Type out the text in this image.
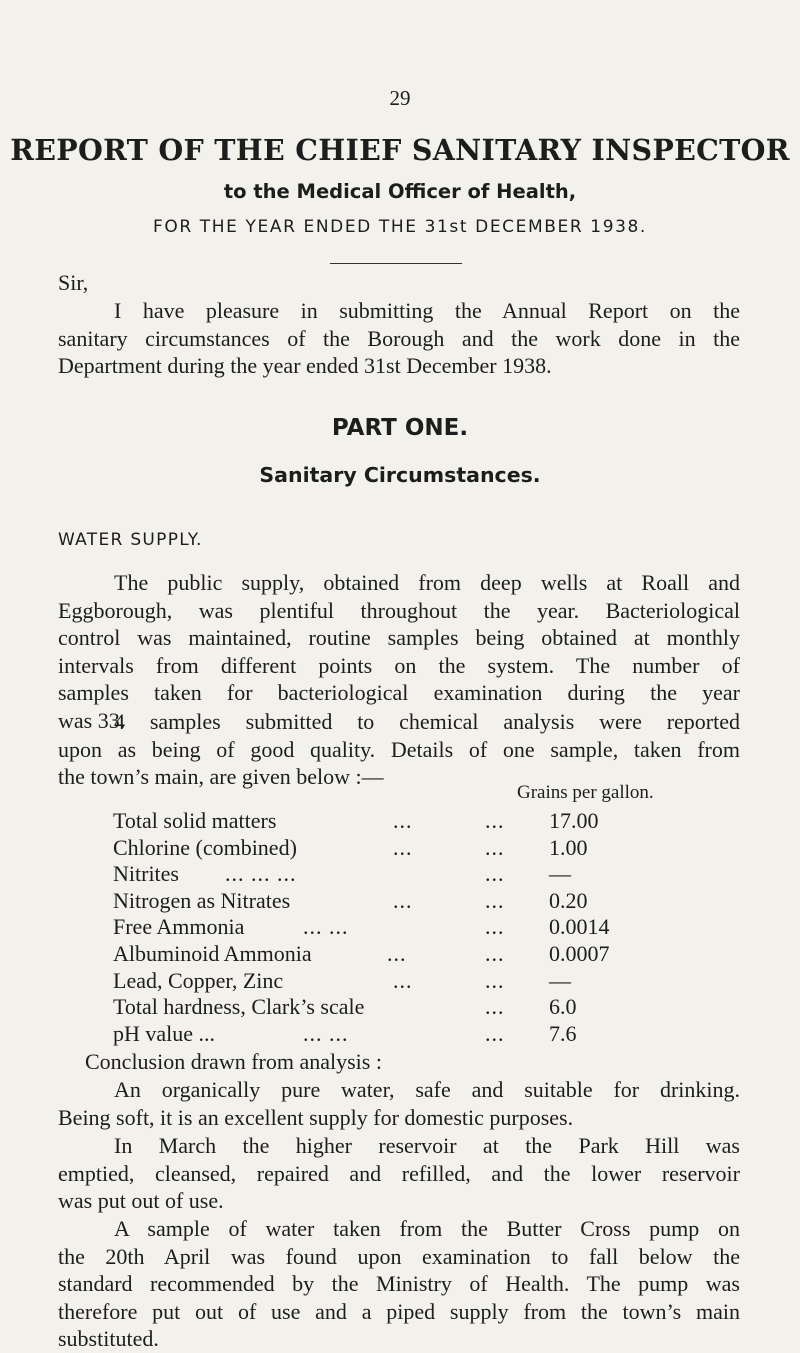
29
REPORT OF THE CHIEF SANITARY INSPECTOR
to the Medical Officer of Health,
FOR THE YEAR ENDED THE 31st DECEMBER 1938.
Sir,
I have pleasure in submitting the Annual Report on the
sanitary circumstances of the Borough and the work done in the
Department during the year ended 31st December 1938.
PART ONE.
Sanitary Circumstances.
WATER SUPPLY.
The public supply, obtained from deep wells at Roall and
Eggborough, was plentiful throughout the year. Bacteriological
control was maintained, routine samples being obtained at monthly
intervals from different points on the system. The number of
samples taken for bacteriological examination during the year
was 33.
4 samples submitted to chemical analysis were reported
upon as being of good quality. Details of one sample, taken from
the town’s main, are given below :—
Grains per gallon.
Total solid matters	...	... 17.00
Chlorine (combined)	...	... 1.00
Nitrites ... ... ...	... —
Nitrogen as Nitrates	...	... 0.20
Free Ammonia	... ...	... 0.0014
Albuminoid Ammonia	...	... 0.0007
Lead, Copper, Zinc	...	... —
Total hardness, Clark’s scale	... 6.0
pH value ...	... ...	... 7.6
Conclusion drawn from analysis :
An organically pure water, safe and suitable for drinking.
Being soft, it is an excellent supply for domestic purposes.
In March the higher reservoir at the Park Hill was
emptied, cleansed, repaired and refilled, and the lower reservoir
was put out of use.
A sample of water taken from the Butter Cross pump on
the 20th April was found upon examination to fall below the
standard recommended by the Ministry of Health. The pump was
therefore put out of use and a piped supply from the town’s main
substituted.
